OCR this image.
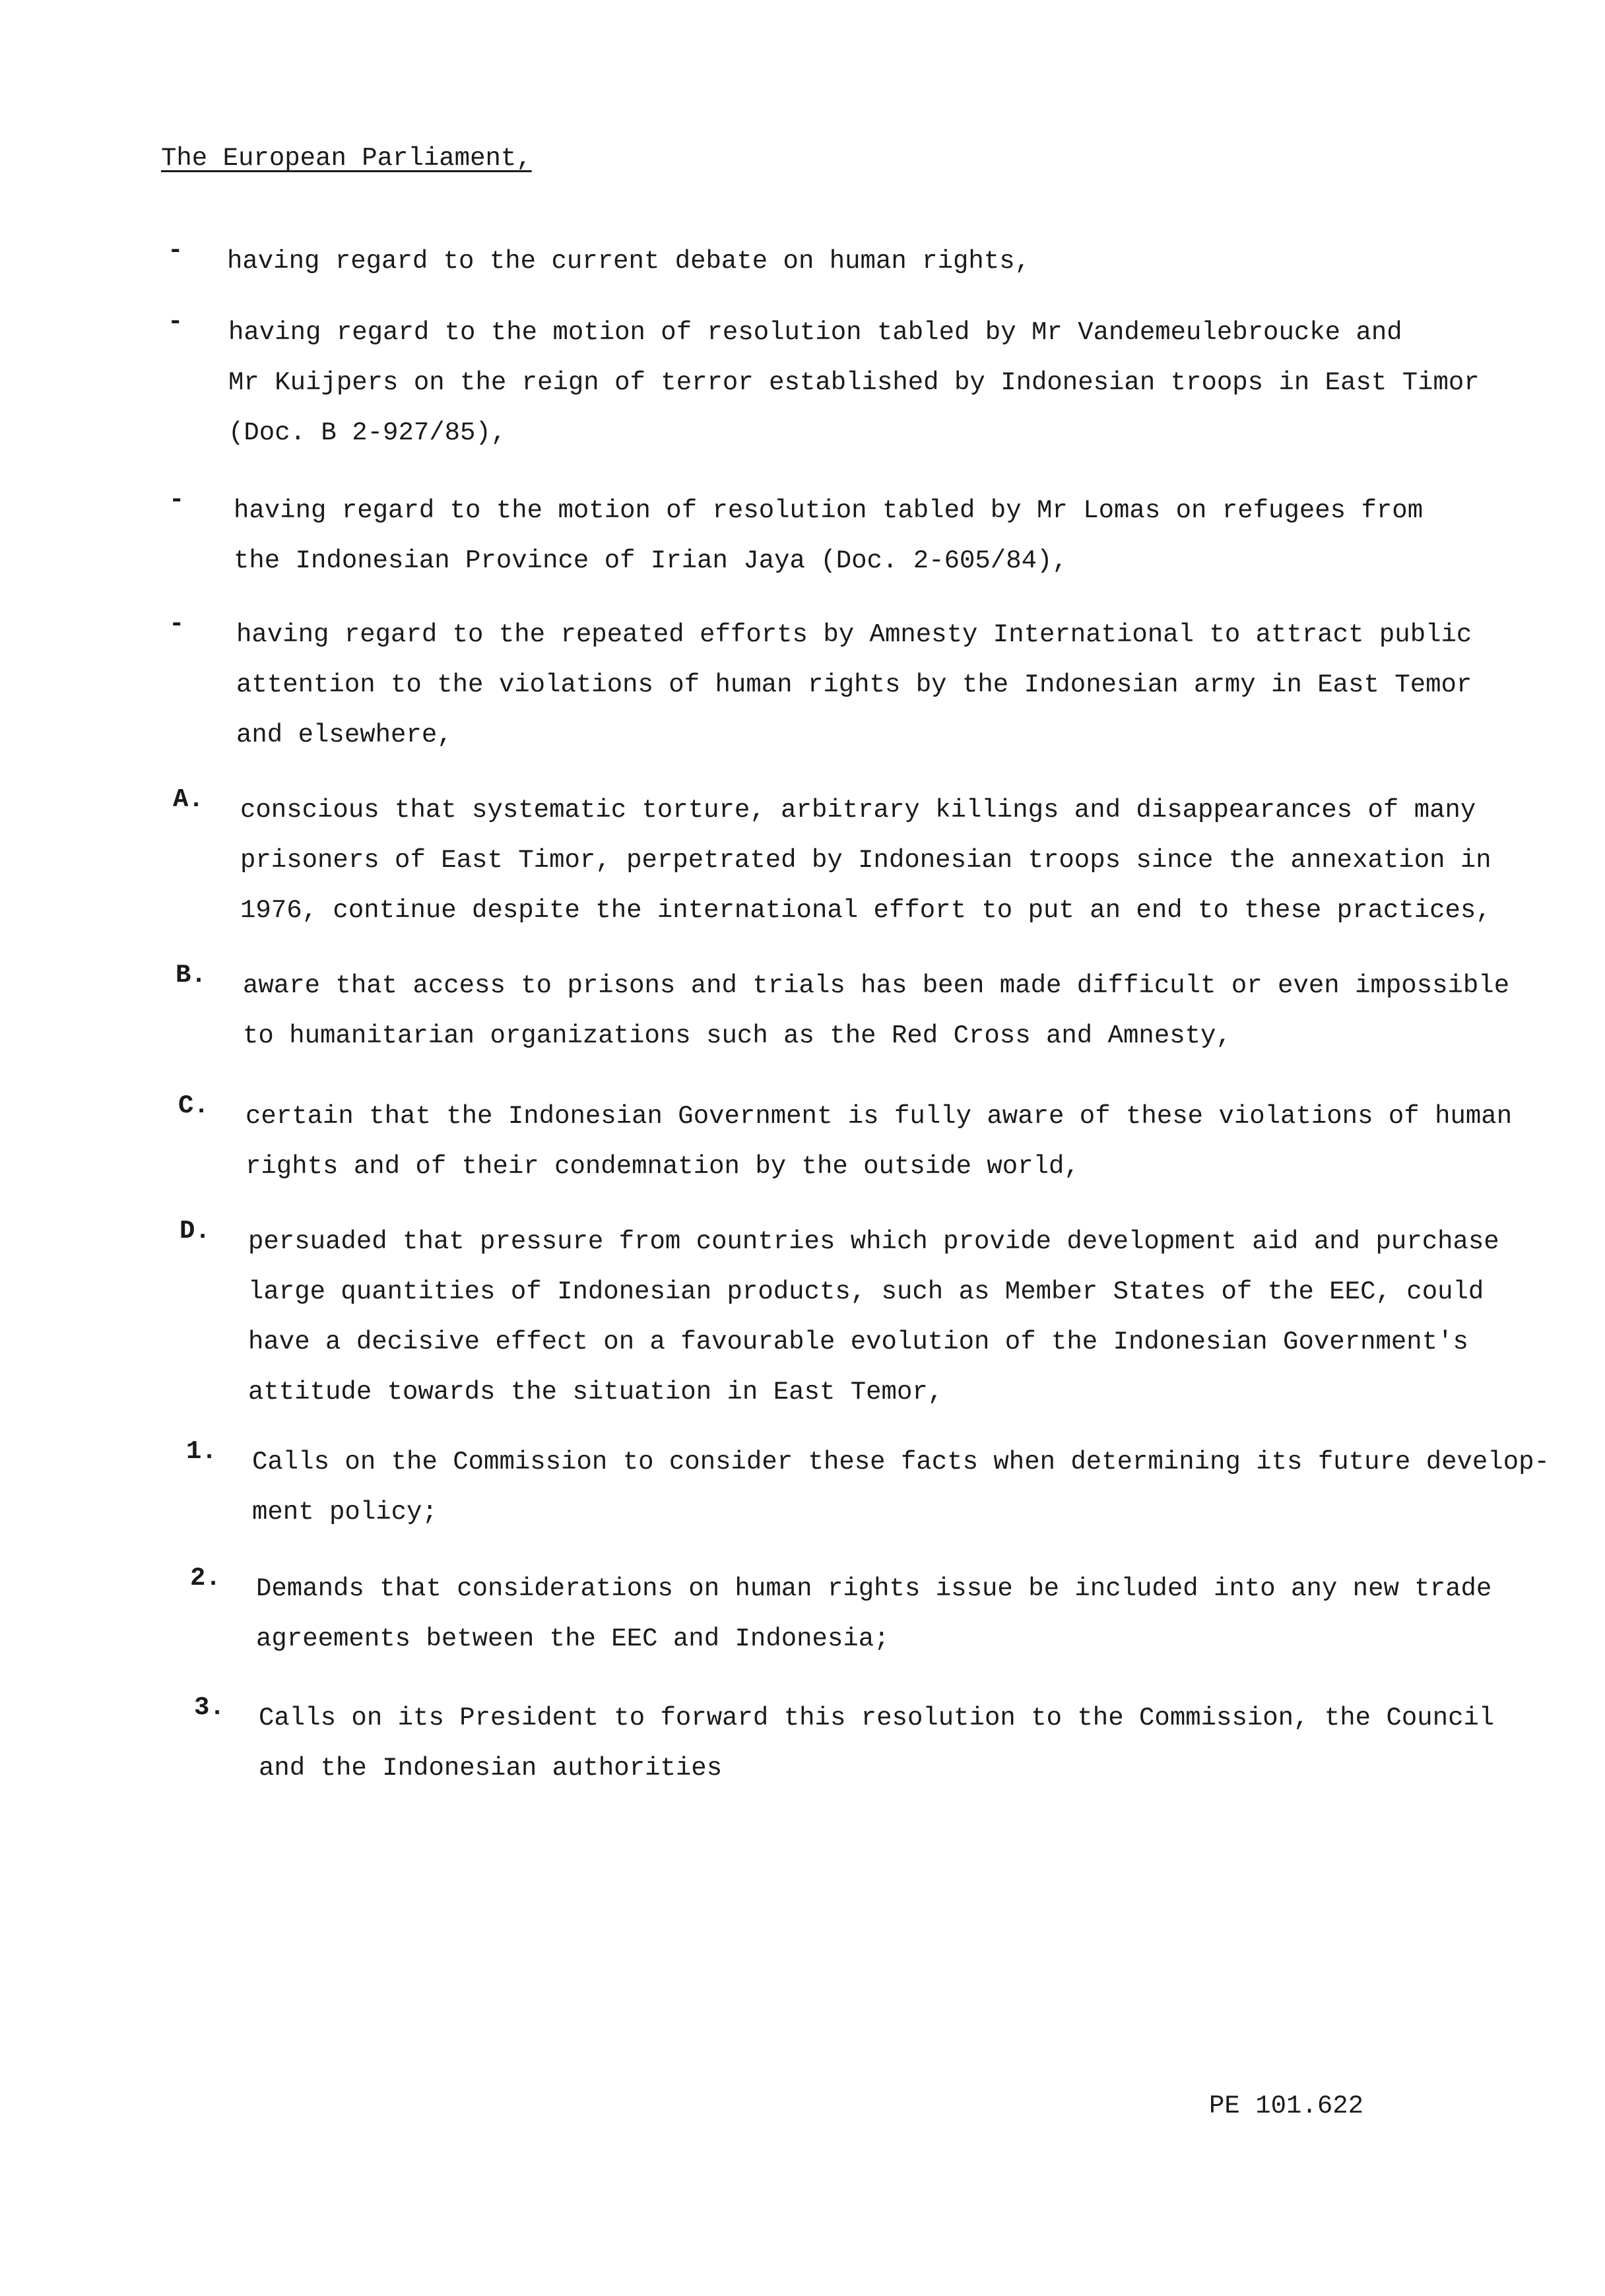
The European Parliament,
- having regard to the current debate on human rights,
- having regard to the motion of resolution tabled by Mr Vandemeulebroucke and
Mr Kuijpers on the reign of terror established by Indonesian troops in East Timor
(Doc. B 2-927/85),
- having regard to the motion of resolution tabled by Mr Lomas on refugees from
the Indonesian Province of Irian Jaya (Doc. 2-605/84),
- having regard to the repeated efforts by Amnesty International to attract public
attention to the violations of human rights by the Indonesian army in East Temor
and elsewhere,
A. conscious that systematic torture, arbitrary killings and disappearances of many
prisoners of East Timor, perpetrated by Indonesian troops since the annexation in
1976, continue despite the international effort to put an end to these practices,
B. aware that access to prisons and trials has been made difficult or even impossible
to humanitarian organizations such as the Red Cross and Amnesty,
C. certain that the Indonesian Government is fully aware of these violations of human
rights and of their condemnation by the outside world,
D. persuaded that pressure from countries which provide development aid and purchase
large quantities of Indonesian products, such as Member States of the EEC, could
have a decisive effect on a favourable evolution of the Indonesian Government's
attitude towards the situation in East Temor,
1. Calls on the Commission to consider these facts when determining its future develop-
ment policy;
2. Demands that considerations on human rights issue be included into any new trade
agreements between the EEC and Indonesia;
3. Calls on its President to forward this resolution to the Commission, the Council
and the Indonesian authorities
PE 101.622
